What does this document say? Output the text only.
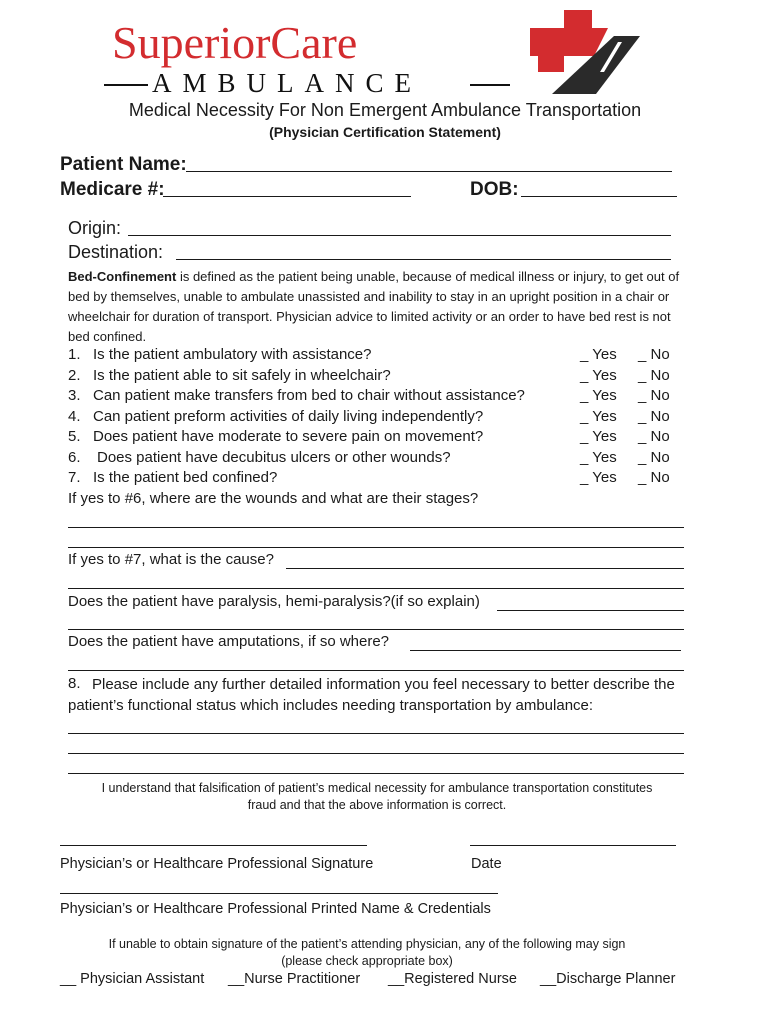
SuperiorCare
AMBULANCE
Medical Necessity For Non Emergent Ambulance Transportation
(Physician Certification Statement)
Patient Name:
Medicare #:	DOB:
Origin:
Destination:
Bed-Confinement is defined as the patient being unable, because of medical illness or injury, to get out of bed by themselves, unable to ambulate unassisted and inability to stay in an upright position in a chair or wheelchair for duration of transport. Physician advice to limited activity or an order to have bed rest is not bed confined.
1. Is the patient ambulatory with assistance?	_ Yes _ No
2. Is the patient able to sit safely in wheelchair?	_ Yes _ No
3. Can patient make transfers from bed to chair without assistance?	_ Yes _ No
4. Can patient preform activities of daily living independently?	_ Yes _ No
5. Does patient have moderate to severe pain on movement?	_ Yes _ No
6. Does patient have decubitus ulcers or other wounds?	_ Yes _ No
7. Is the patient bed confined?	_ Yes _ No
If yes to #6, where are the wounds and what are their stages?
If yes to #7, what is the cause?
Does the patient have paralysis, hemi-paralysis?(if so explain)
Does the patient have amputations, if so where?
8. Please include any further detailed information you feel necessary to better describe the patient’s functional status which includes needing transportation by ambulance:
I understand that falsification of patient’s medical necessity for ambulance transportation constitutes
fraud and that the above information is correct.
Physician’s or Healthcare Professional Signature	Date
Physician’s or Healthcare Professional Printed Name & Credentials
If unable to obtain signature of the patient’s attending physician, any of the following may sign
(please check appropriate box)
__ Physician Assistant __Nurse Practitioner __Registered Nurse __Discharge Planner
